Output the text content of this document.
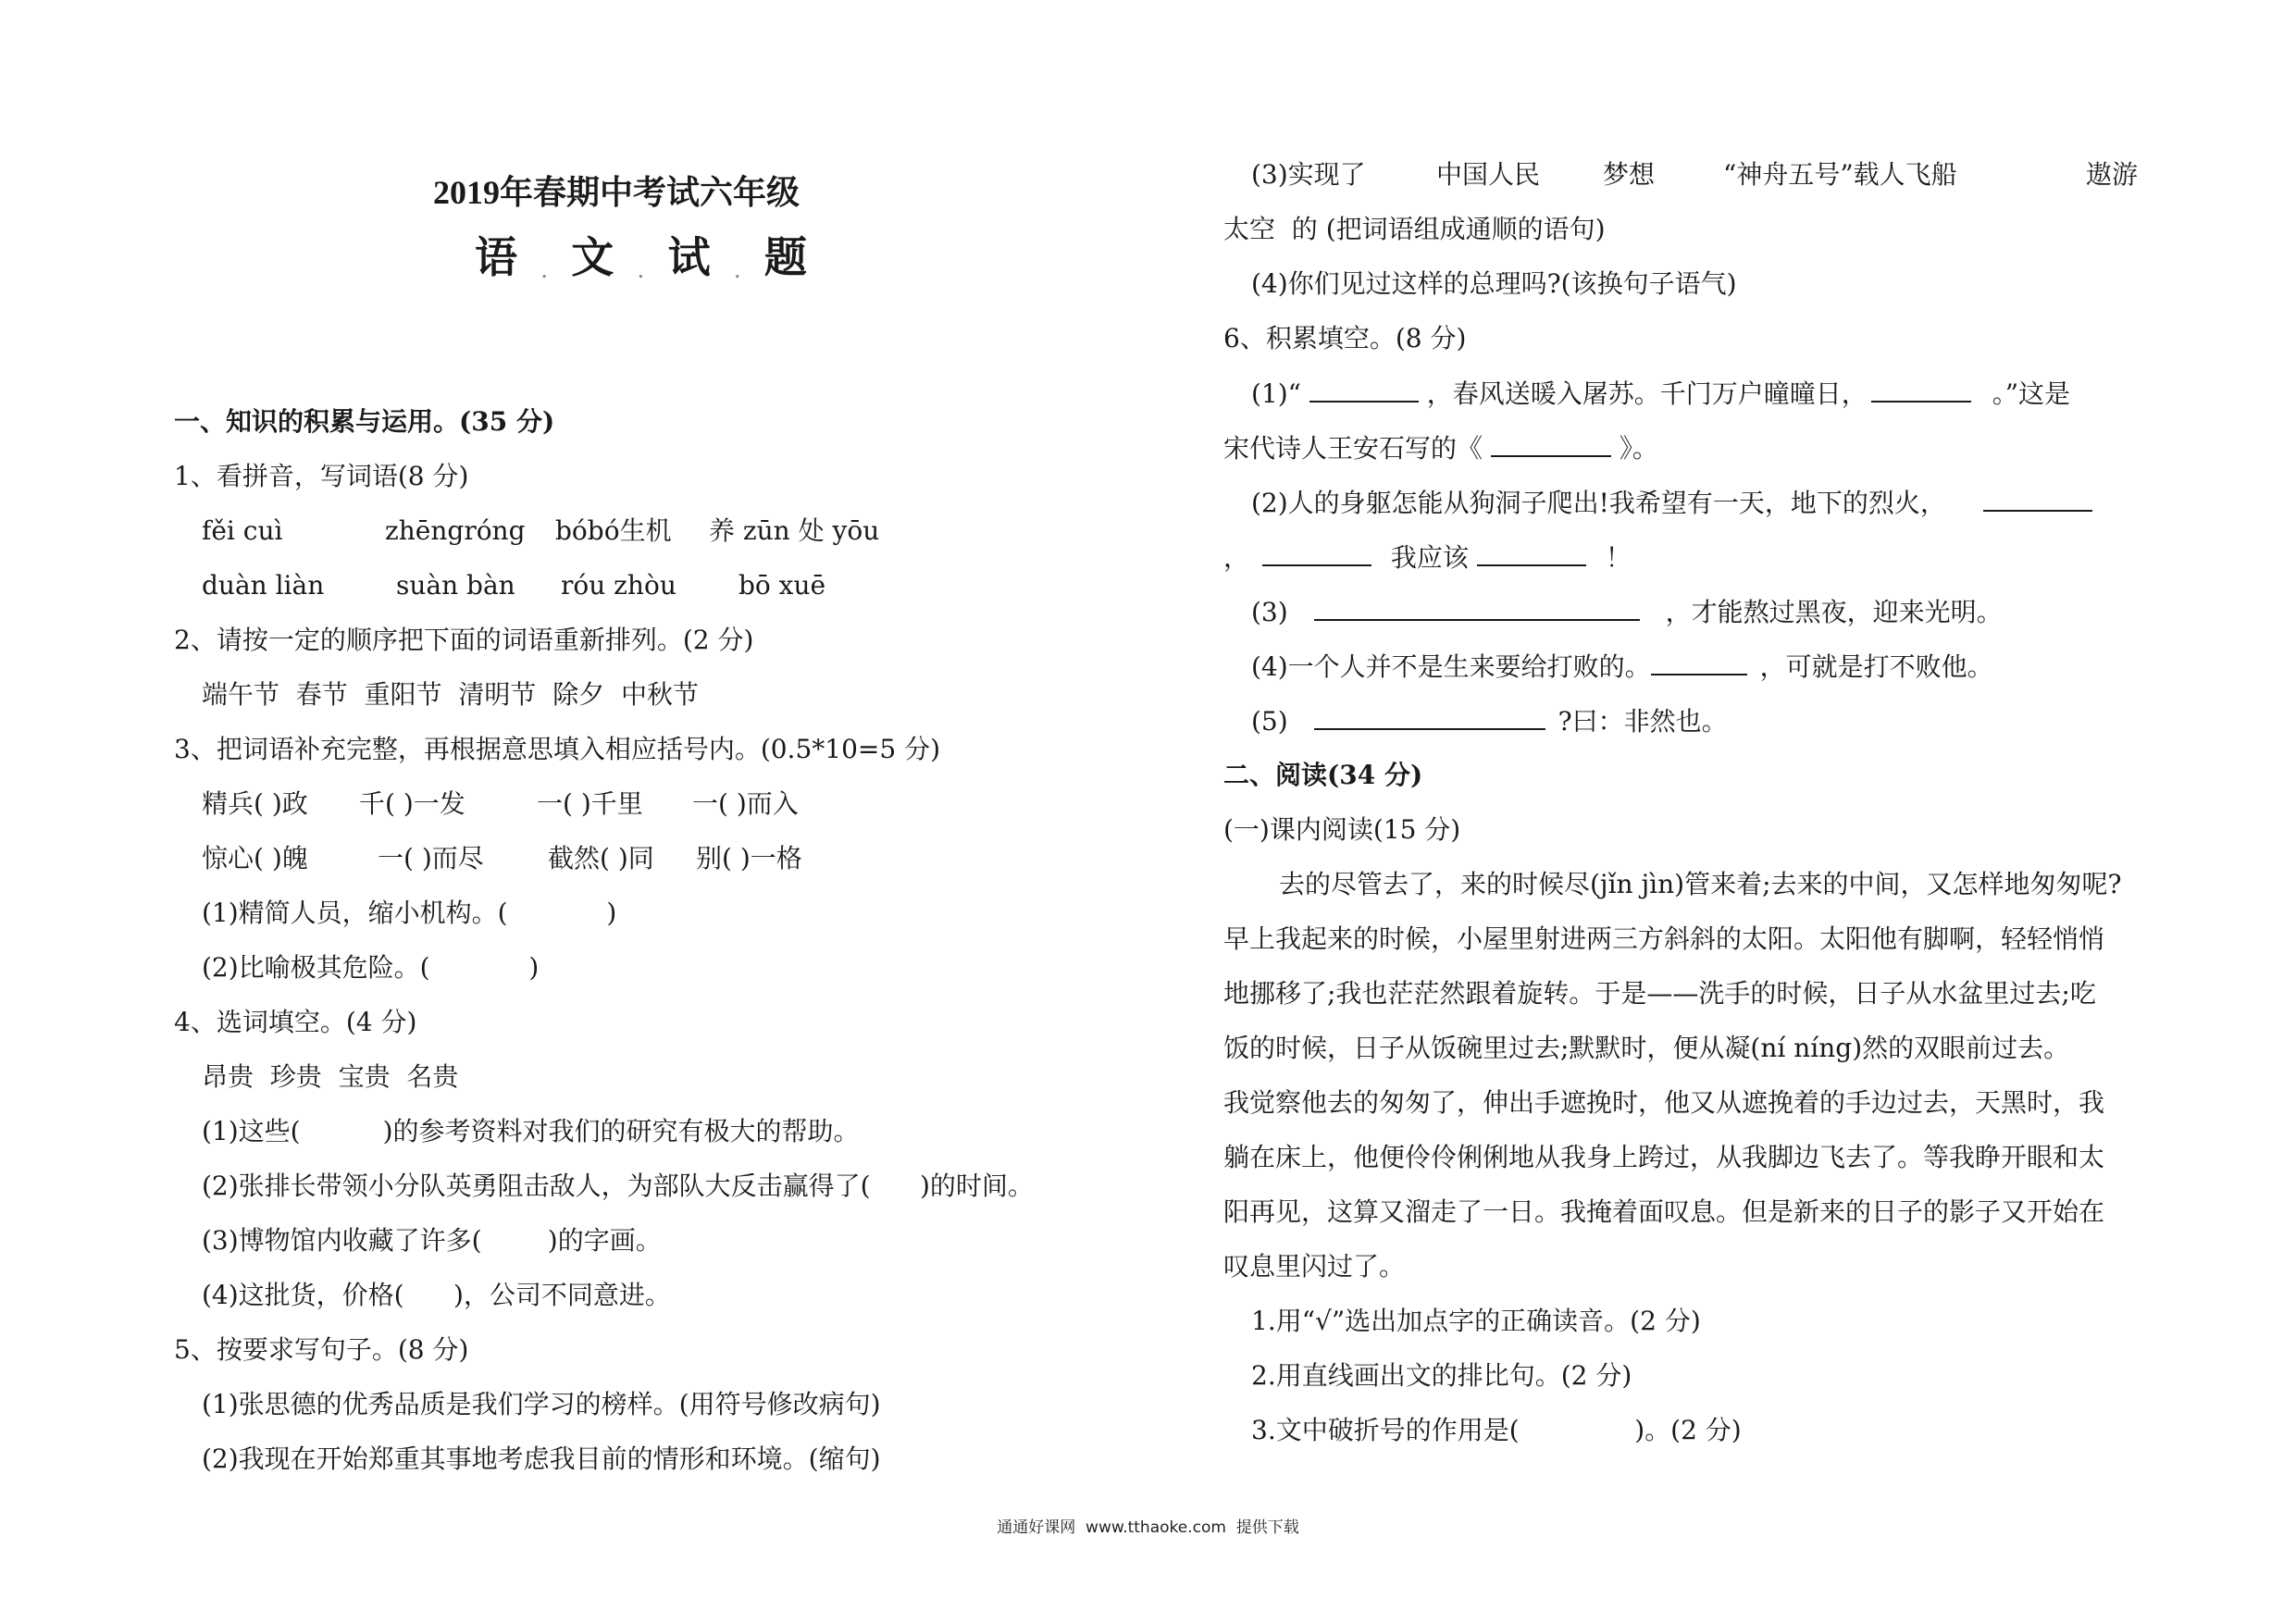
2019年春期中考试六年级
语 . 文 . 试 . 题
一、知识的积累与运用。(35 分)
1、看拼音，写词语(8 分)
fěi cuì	zhēngróng bóbó生机 养 zūn 处 yōu
duàn liàn	suàn bàn róu zhòu bō xuē
2、请按一定的顺序把下面的词语重新排列。(2 分)
端午节  春节  重阳节  清明节  除夕  中秋节
3、把词语补充完整，再根据意思填入相应括号内。(0.5*10=5 分)
精兵( )政 千( )一发	一( )千里 一( )而入
惊心( )魄	一( )而尽 截然( )同 别( )一格
(1)精简人员，缩小机构。(            )
(2)比喻极其危险。(            )
4、选词填空。(4 分)
昂贵  珍贵  宝贵  名贵
(1)这些(          )的参考资料对我们的研究有极大的帮助。
(2)张排长带领小分队英勇阻击敌人，为部队大反击赢得了(      )的时间。
(3)博物馆内收藏了许多(        )的字画。
(4)这批货，价格(      )，公司不同意进。
5、按要求写句子。(8 分)
(1)张思德的优秀品质是我们学习的榜样。(用符号修改病句)
(2)我现在开始郑重其事地考虑我目前的情形和环境。(缩句)
(3)实现了	中国人民 梦想	“神舟五号”载人飞船	遨游
太空  的 (把词语组成通顺的语句)
(4)你们见过这样的总理吗?(该换句子语气)
6、积累填空。(8 分)
(1)“	，春风送暖入屠苏。千门万户曈曈日，	。”这是
宋代诗人王安石写的《	》。
(2)人的身躯怎能从狗洞子爬出!我希望有一天，地下的烈火，
，	我应该	！
(3)	，才能熬过黑夜，迎来光明。
(4)一个人并不是生来要给打败的。	，可就是打不败他。
(5)	?曰：非然也。
二、阅读(34 分)
(一)课内阅读(15 分)
去的尽管去了，来的时候尽(jǐn jìn)管来着;去来的中间，又怎样地匆匆呢?
早上我起来的时候，小屋里射进两三方斜斜的太阳。太阳他有脚啊，轻轻悄悄
地挪移了;我也茫茫然跟着旋转。于是——洗手的时候，日子从水盆里过去;吃
饭的时候，日子从饭碗里过去;默默时，便从凝(ní níng)然的双眼前过去。
我觉察他去的匆匆了，伸出手遮挽时，他又从遮挽着的手边过去，天黑时，我
躺在床上，他便伶伶俐俐地从我身上跨过，从我脚边飞去了。等我睁开眼和太
阳再见，这算又溜走了一日。我掩着面叹息。但是新来的日子的影子又开始在
叹息里闪过了。
1.用“√”选出加点字的正确读音。(2 分)
2.用直线画出文的排比句。(2 分)
3.文中破折号的作用是(              )。(2 分)
通通好课网  www.tthaoke.com  提供下载
